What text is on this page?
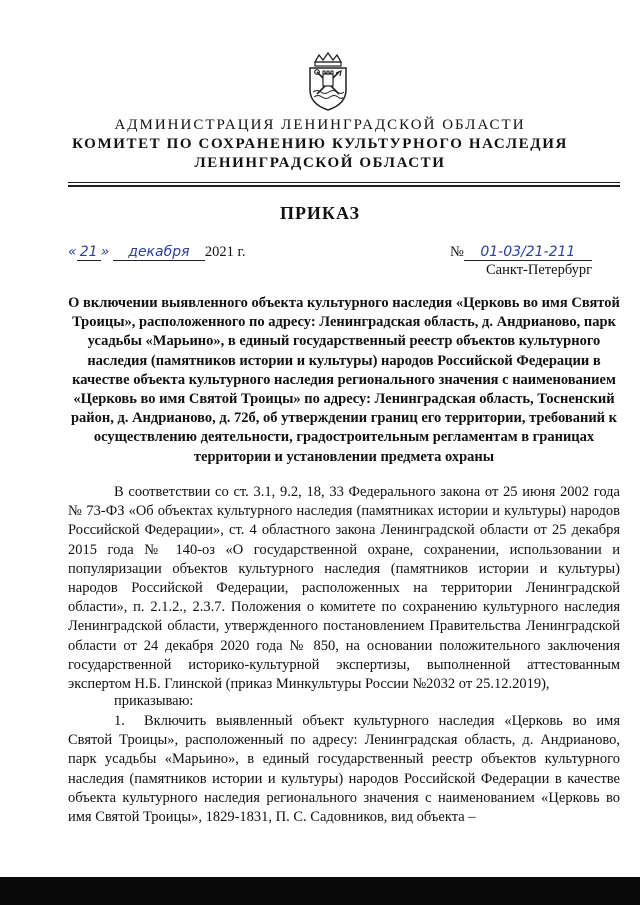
АДМИНИСТРАЦИЯ ЛЕНИНГРАДСКОЙ ОБЛАСТИ

КОМИТЕТ ПО СОХРАНЕНИЮ КУЛЬТУРНОГО НАСЛЕДИЯ

ЛЕНИНГРАДСКОЙ ОБЛАСТИ

ПРИКАЗ

« 21 » декабря 2021 г.	№ 01-03/21-211
Санкт-Петербург

О включении выявленного объекта культурного наследия «Церковь во имя Святой Троицы», расположенного по адресу: Ленинградская область, д. Андрианово, парк усадьбы «Марьино», в единый государственный реестр объектов культурного наследия (памятников истории и культуры) народов Российской Федерации в качестве объекта культурного наследия регионального значения с наименованием «Церковь во имя Святой Троицы» по адресу: Ленинградская область, Тосненский район, д. Андрианово, д. 72б, об утверждении границ его территории, требований к осуществлению деятельности, градостроительным регламентам в границах территории и установлении предмета охраны

В соответствии со ст. 3.1, 9.2, 18, 33 Федерального закона от 25 июня 2002 года № 73-ФЗ «Об объектах культурного наследия (памятниках истории и культуры) народов Российской Федерации», ст. 4 областного закона Ленинградской области от 25 декабря 2015 года № 140-оз «О государственной охране, сохранении, использовании и популяризации объектов культурного наследия (памятников истории и культуры) народов Российской Федерации, расположенных на территории Ленинградской области», п. 2.1.2., 2.3.7. Положения о комитете по сохранению культурного наследия Ленинградской области, утвержденного постановлением Правительства Ленинградской области от 24 декабря 2020 года № 850, на основании положительного заключения государственной историко-культурной экспертизы, выполненной аттестованным экспертом Н.Б. Глинской (приказ Минкультуры России №2032 от 25.12.2019),

приказываю:

1. Включить выявленный объект культурного наследия «Церковь во имя Святой Троицы», расположенный по адресу: Ленинградская область, д. Андрианово, парк усадьбы «Марьино», в единый государственный реестр объектов культурного наследия (памятников истории и культуры) народов Российской Федерации в качестве объекта культурного наследия регионального значения с наименованием «Церковь во имя Святой Троицы», 1829-1831, П. С. Садовников, вид объекта –
